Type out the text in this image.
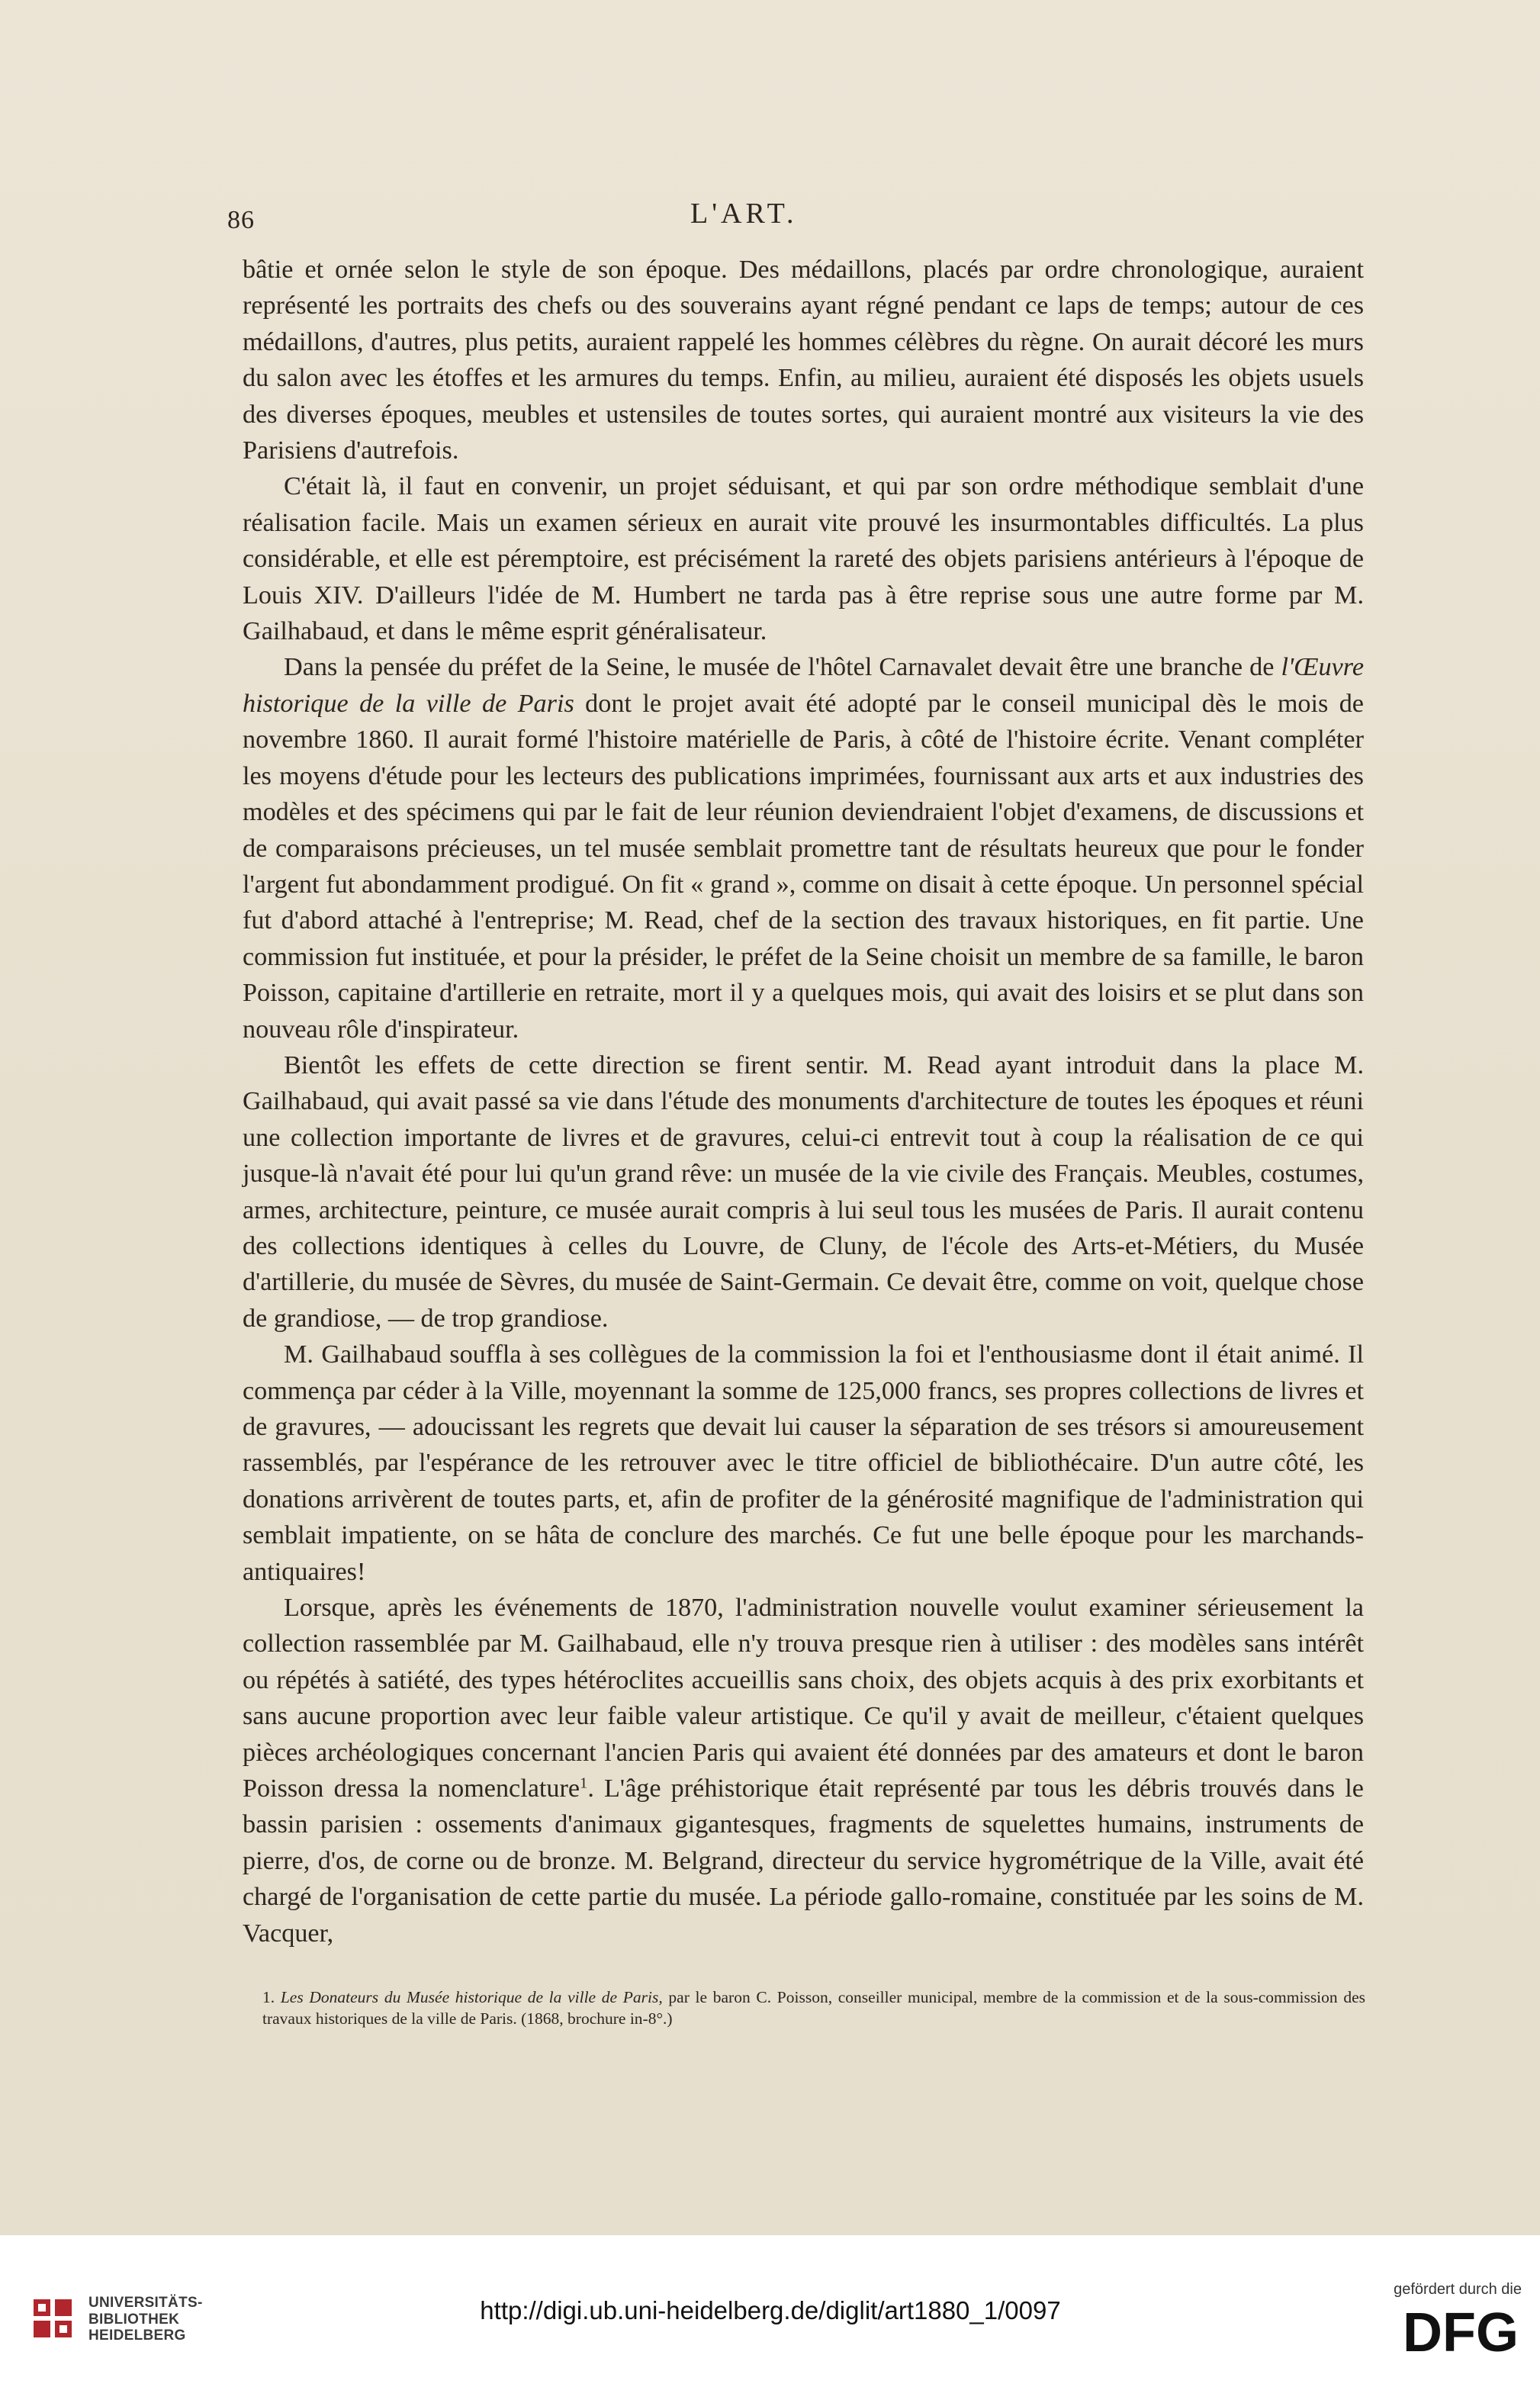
86	L'ART.

bâtie et ornée selon le style de son époque. Des médaillons, placés par ordre chronologique, auraient représenté les portraits des chefs ou des souverains ayant régné pendant ce laps de temps; autour de ces médaillons, d'autres, plus petits, auraient rappelé les hommes célèbres du règne. On aurait décoré les murs du salon avec les étoffes et les armures du temps. Enfin, au milieu, auraient été disposés les objets usuels des diverses époques, meubles et ustensiles de toutes sortes, qui auraient montré aux visiteurs la vie des Parisiens d'autrefois.

C'était là, il faut en convenir, un projet séduisant, et qui par son ordre méthodique semblait d'une réalisation facile. Mais un examen sérieux en aurait vite prouvé les insurmontables difficultés. La plus considérable, et elle est péremptoire, est précisément la rareté des objets parisiens antérieurs à l'époque de Louis XIV. D'ailleurs l'idée de M. Humbert ne tarda pas à être reprise sous une autre forme par M. Gailhabaud, et dans le même esprit généralisateur.

Dans la pensée du préfet de la Seine, le musée de l'hôtel Carnavalet devait être une branche de l'Œuvre historique de la ville de Paris dont le projet avait été adopté par le conseil municipal dès le mois de novembre 1860. Il aurait formé l'histoire matérielle de Paris, à côté de l'histoire écrite. Venant compléter les moyens d'étude pour les lecteurs des publications imprimées, fournissant aux arts et aux industries des modèles et des spécimens qui par le fait de leur réunion deviendraient l'objet d'examens, de discussions et de comparaisons précieuses, un tel musée semblait promettre tant de résultats heureux que pour le fonder l'argent fut abondamment prodigué. On fit « grand », comme on disait à cette époque. Un personnel spécial fut d'abord attaché à l'entreprise; M. Read, chef de la section des travaux historiques, en fit partie. Une commission fut instituée, et pour la présider, le préfet de la Seine choisit un membre de sa famille, le baron Poisson, capitaine d'artillerie en retraite, mort il y a quelques mois, qui avait des loisirs et se plut dans son nouveau rôle d'inspirateur.

Bientôt les effets de cette direction se firent sentir. M. Read ayant introduit dans la place M. Gailhabaud, qui avait passé sa vie dans l'étude des monuments d'architecture de toutes les époques et réuni une collection importante de livres et de gravures, celui-ci entrevit tout à coup la réalisation de ce qui jusque-là n'avait été pour lui qu'un grand rêve: un musée de la vie civile des Français. Meubles, costumes, armes, architecture, peinture, ce musée aurait compris à lui seul tous les musées de Paris. Il aurait contenu des collections identiques à celles du Louvre, de Cluny, de l'école des Arts-et-Métiers, du Musée d'artillerie, du musée de Sèvres, du musée de Saint-Germain. Ce devait être, comme on voit, quelque chose de grandiose, — de trop grandiose.

M. Gailhabaud souffla à ses collègues de la commission la foi et l'enthousiasme dont il était animé. Il commença par céder à la Ville, moyennant la somme de 125,000 francs, ses propres collections de livres et de gravures, — adoucissant les regrets que devait lui causer la séparation de ses trésors si amoureusement rassemblés, par l'espérance de les retrouver avec le titre officiel de bibliothécaire. D'un autre côté, les donations arrivèrent de toutes parts, et, afin de profiter de la générosité magnifique de l'administration qui semblait impatiente, on se hâta de conclure des marchés. Ce fut une belle époque pour les marchands-antiquaires!

Lorsque, après les événements de 1870, l'administration nouvelle voulut examiner sérieusement la collection rassemblée par M. Gailhabaud, elle n'y trouva presque rien à utiliser : des modèles sans intérêt ou répétés à satiété, des types hétéroclites accueillis sans choix, des objets acquis à des prix exorbitants et sans aucune proportion avec leur faible valeur artistique. Ce qu'il y avait de meilleur, c'étaient quelques pièces archéologiques concernant l'ancien Paris qui avaient été données par des amateurs et dont le baron Poisson dressa la nomenclature$^1$. L'âge préhistorique était représenté par tous les débris trouvés dans le bassin parisien : ossements d'animaux gigantesques, fragments de squelettes humains, instruments de pierre, d'os, de corne ou de bronze. M. Belgrand, directeur du service hygrométrique de la Ville, avait été chargé de l'organisation de cette partie du musée. La période gallo-romaine, constituée par les soins de M. Vacquer,

1. Les Donateurs du Musée historique de la ville de Paris, par le baron C. Poisson, conseiller municipal, membre de la commission et de la sous-commission des travaux historiques de la ville de Paris. (1868, brochure in-8°.)
UNIVERSITÄTS-
BIBLIOTHEK
HEIDELBERG
http://digi.ub.uni-heidelberg.de/diglit/art1880_1/0097
gefördert durch die
DFG
